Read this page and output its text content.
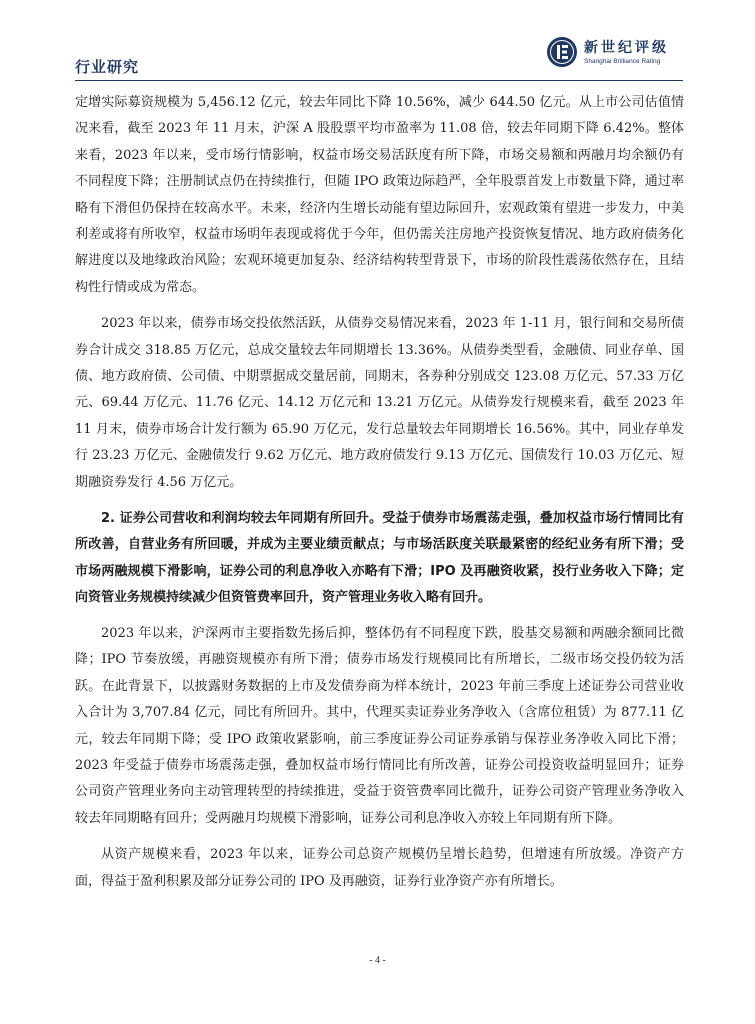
行业研究
新世纪评级
Shanghai Brilliance Rating

定增实际募资规模为 5,456.12 亿元，较去年同比下降 10.56%，减少 644.50 亿元。从上市公司估值情况来看，截至 2023 年 11 月末，沪深 A 股股票平均市盈率为 11.08 倍，较去年同期下降 6.42%。整体来看，2023 年以来，受市场行情影响，权益市场交易活跃度有所下降，市场交易额和两融月均余额仍有不同程度下降；注册制试点仍在持续推行，但随 IPO 政策边际趋严，全年股票首发上市数量下降，通过率略有下滑但仍保持在较高水平。未来，经济内生增长动能有望边际回升，宏观政策有望进一步发力，中美利差或将有所收窄，权益市场明年表现或将优于今年，但仍需关注房地产投资恢复情况、地方政府债务化解进度以及地缘政治风险；宏观环境更加复杂、经济结构转型背景下，市场的阶段性震荡依然存在，且结构性行情或成为常态。

2023 年以来，债券市场交投依然活跃，从债券交易情况来看，2023 年 1-11 月，银行间和交易所债券合计成交 318.85 万亿元，总成交量较去年同期增长 13.36%。从债券类型看，金融债、同业存单、国债、地方政府债、公司债、中期票据成交量居前，同期末，各券种分别成交 123.08 万亿元、57.33 万亿元、69.44 万亿元、11.76 亿元、14.12 万亿元和 13.21 万亿元。从债券发行规模来看，截至 2023 年 11 月末，债券市场合计发行额为 65.90 万亿元，发行总量较去年同期增长 16.56%。其中，同业存单发行 23.23 万亿元、金融债发行 9.62 万亿元、地方政府债发行 9.13 万亿元、国债发行 10.03 万亿元、短期融资券发行 4.56 万亿元。

2. 证券公司营收和利润均较去年同期有所回升。受益于债券市场震荡走强，叠加权益市场行情同比有所改善，自营业务有所回暖，并成为主要业绩贡献点；与市场活跃度关联最紧密的经纪业务有所下滑；受市场两融规模下滑影响，证券公司的利息净收入亦略有下滑；IPO 及再融资收紧，投行业务收入下降；定向资管业务规模持续减少但资管费率回升，资产管理业务收入略有回升。

2023 年以来，沪深两市主要指数先扬后抑，整体仍有不同程度下跌，股基交易额和两融余额同比微降；IPO 节奏放缓，再融资规模亦有所下滑；债券市场发行规模同比有所增长，二级市场交投仍较为活跃。在此背景下，以披露财务数据的上市及发债券商为样本统计，2023 年前三季度上述证券公司营业收入合计为 3,707.84 亿元，同比有所回升。其中，代理买卖证券业务净收入（含席位租赁）为 877.11 亿元，较去年同期下降；受 IPO 政策收紧影响，前三季度证券公司证券承销与保荐业务净收入同比下滑；2023 年受益于债券市场震荡走强，叠加权益市场行情同比有所改善，证券公司投资收益明显回升；证券公司资产管理业务向主动管理转型的持续推进，受益于资管费率同比微升，证券公司资产管理业务净收入较去年同期略有回升；受两融月均规模下滑影响，证券公司利息净收入亦较上年同期有所下降。

从资产规模来看，2023 年以来，证券公司总资产规模仍呈增长趋势，但增速有所放缓。净资产方面，得益于盈利积累及部分证券公司的 IPO 及再融资，证券行业净资产亦有所增长。

- 4 -
